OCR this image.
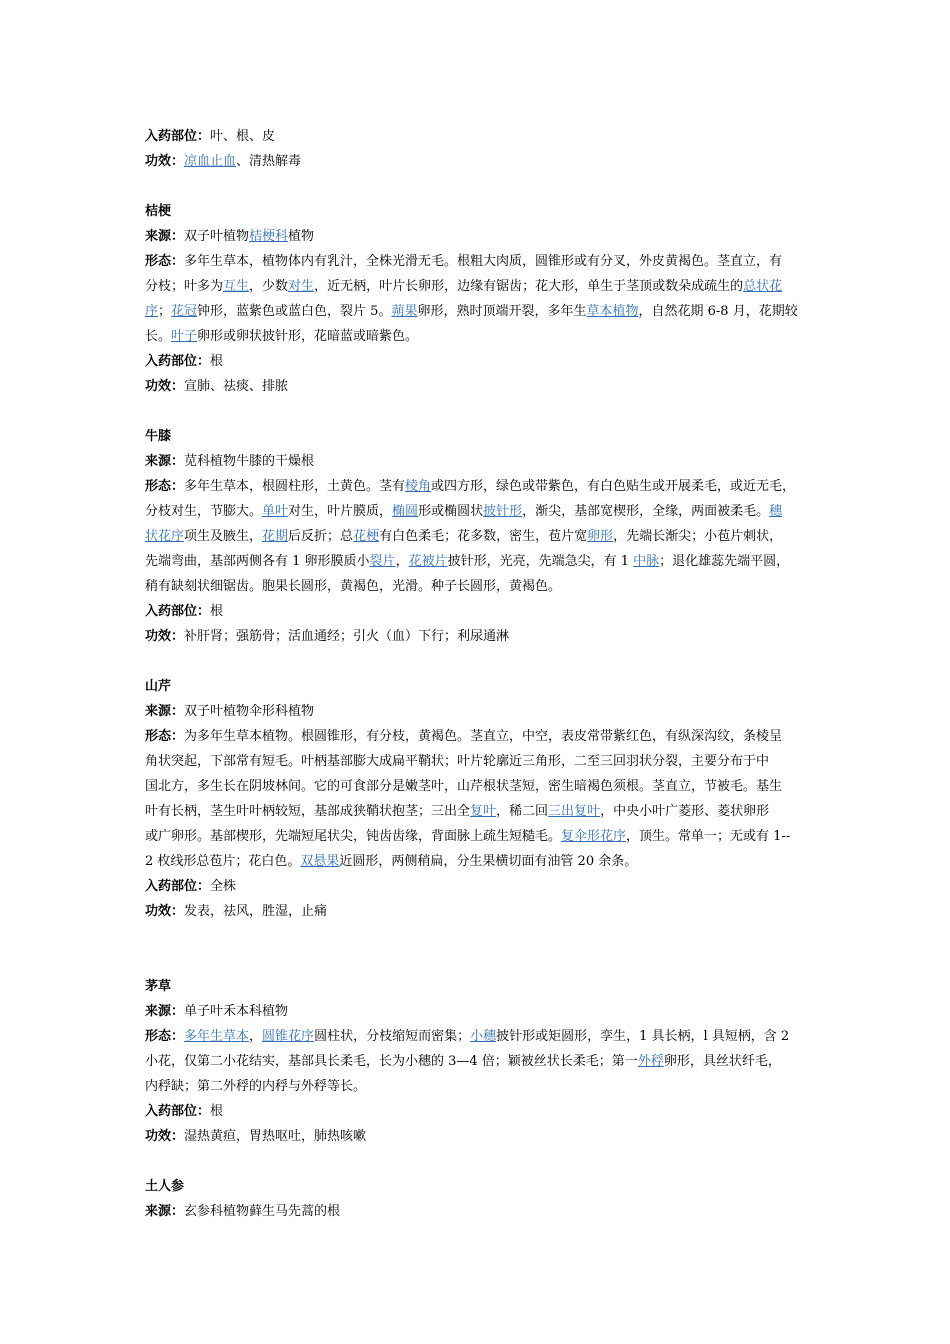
入药部位：叶、根、皮
功效：凉血止血、清热解毒
桔梗
来源：双子叶植物桔梗科植物
形态：多年生草本，植物体内有乳汁，全株光滑无毛。根粗大肉质，圆锥形或有分叉，外皮黄褐色。茎直立，有
分枝；叶多为互生，少数对生，近无柄，叶片长卵形，边缘有锯齿；花大形，单生于茎顶或数朵成疏生的总状花
序；花冠钟形，蓝紫色或蓝白色，裂片 5。蒴果卵形，熟时顶端开裂，多年生草本植物，自然花期 6-8 月，花期较
长。叶子卵形或卵状披针形，花暗蓝或暗紫色。
入药部位：根
功效：宣肺、祛痰、排脓
牛膝
来源：苋科植物牛膝的干燥根
形态：多年生草本，根圆柱形，土黄色。茎有棱角或四方形，绿色或带紫色，有白色贴生或开展柔毛，或近无毛，
分枝对生，节膨大。单叶对生，叶片膜质，椭圆形或椭圆状披针形，渐尖，基部宽楔形，全缘，两面被柔毛。穗
状花序项生及腋生，花期后反折；总花梗有白色柔毛；花多数，密生，苞片宽卵形，先端长渐尖；小苞片刺状，
先端弯曲，基部两侧各有 1 卵形膜质小裂片，花被片披针形，光亮，先端急尖，有 1 中脉；退化雄蕊先端平圆，
稍有缺刻状细锯齿。胞果长圆形，黄褐色，光滑。种子长圆形，黄褐色。
入药部位：根
功效：补肝肾；强筋骨；活血通经；引火（血）下行；利尿通淋
山芹
来源：双子叶植物伞形科植物
形态：为多年生草本植物。根圆锥形，有分枝，黄褐色。茎直立，中空，表皮常带紫红色，有纵深沟纹，条棱呈
角状突起，下部常有短毛。叶柄基部膨大成扁平鞘状；叶片轮廓近三角形，二至三回羽状分裂，主要分布于中
国北方，多生长在阴坡林间。它的可食部分是嫩茎叶，山芹根状茎短，密生暗褐色须根。茎直立，节被毛。基生
叶有长柄，茎生叶叶柄较短，基部成狭鞘状抱茎；三出全复叶，稀二回三出复叶，中央小叶广菱形、菱状卵形
或广卵形。基部楔形，先端短尾状尖，钝齿齿缘，背面脉上疏生短糙毛。复伞形花序，顶生。常单一；无或有 1--
2 枚线形总苞片；花白色。双悬果近圆形，两侧稍扁，分生果横切面有油管 20 余条。
入药部位：全株
功效：发表，祛风，胜湿，止痛
茅草
来源：单子叶禾本科植物
形态：多年生草本，圆锥花序圆柱状，分枝缩短而密集；小穗披针形或矩圆形，孪生，1 具长柄，l 具短柄，含 2
小花，仅第二小花结实，基部具长柔毛，长为小穗的 3—4 倍；颖被丝状长柔毛；第一外稃卵形，具丝状纤毛，
内稃缺；第二外稃的内稃与外稃等长。
入药部位：根
功效：湿热黄疸，胃热呕吐，肺热咳嗽
土人参
来源：玄参科植物藓生马先蒿的根
